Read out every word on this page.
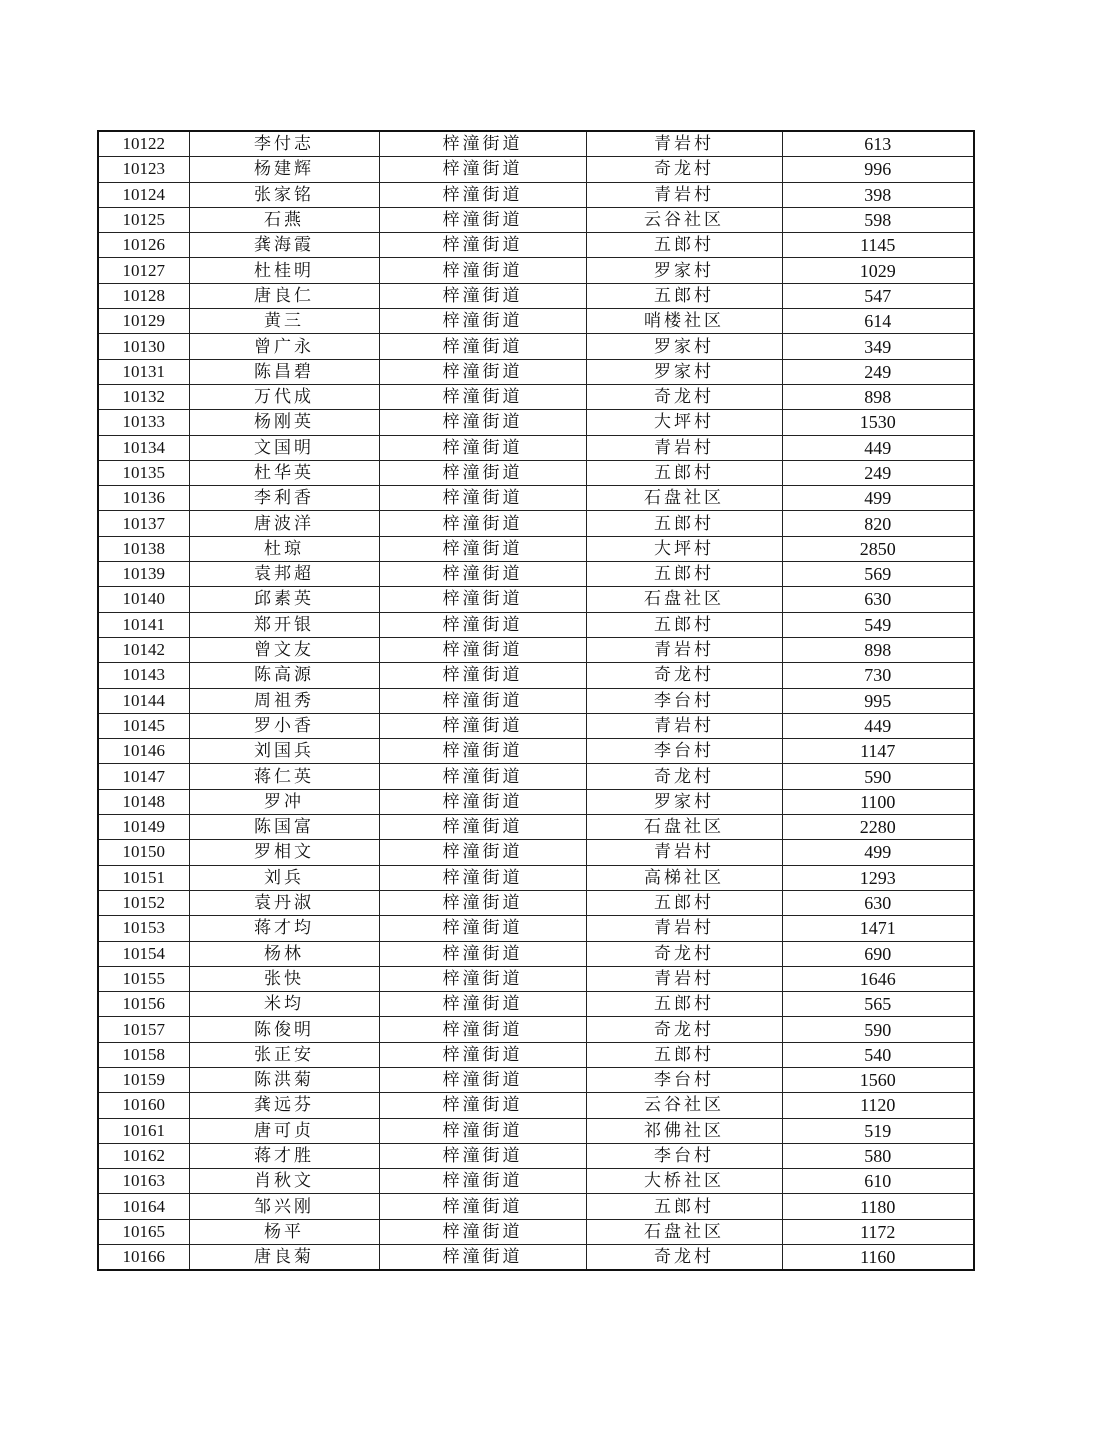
10122	李付志	梓潼街道	青岩村	613
10123	杨建辉	梓潼街道	奇龙村	996
10124	张家铭	梓潼街道	青岩村	398
10125	石燕	梓潼街道	云谷社区	598
10126	龚海霞	梓潼街道	五郎村	1145
10127	杜桂明	梓潼街道	罗家村	1029
10128	唐良仁	梓潼街道	五郎村	547
10129	黄三	梓潼街道	哨楼社区	614
10130	曾广永	梓潼街道	罗家村	349
10131	陈昌碧	梓潼街道	罗家村	249
10132	万代成	梓潼街道	奇龙村	898
10133	杨刚英	梓潼街道	大坪村	1530
10134	文国明	梓潼街道	青岩村	449
10135	杜华英	梓潼街道	五郎村	249
10136	李利香	梓潼街道	石盘社区	499
10137	唐波洋	梓潼街道	五郎村	820
10138	杜琼	梓潼街道	大坪村	2850
10139	袁邦超	梓潼街道	五郎村	569
10140	邱素英	梓潼街道	石盘社区	630
10141	郑开银	梓潼街道	五郎村	549
10142	曾文友	梓潼街道	青岩村	898
10143	陈高源	梓潼街道	奇龙村	730
10144	周祖秀	梓潼街道	李台村	995
10145	罗小香	梓潼街道	青岩村	449
10146	刘国兵	梓潼街道	李台村	1147
10147	蒋仁英	梓潼街道	奇龙村	590
10148	罗冲	梓潼街道	罗家村	1100
10149	陈国富	梓潼街道	石盘社区	2280
10150	罗相文	梓潼街道	青岩村	499
10151	刘兵	梓潼街道	高梯社区	1293
10152	袁丹淑	梓潼街道	五郎村	630
10153	蒋才均	梓潼街道	青岩村	1471
10154	杨林	梓潼街道	奇龙村	690
10155	张快	梓潼街道	青岩村	1646
10156	米均	梓潼街道	五郎村	565
10157	陈俊明	梓潼街道	奇龙村	590
10158	张正安	梓潼街道	五郎村	540
10159	陈洪菊	梓潼街道	李台村	1560
10160	龚远芬	梓潼街道	云谷社区	1120
10161	唐可贞	梓潼街道	祁佛社区	519
10162	蒋才胜	梓潼街道	李台村	580
10163	肖秋文	梓潼街道	大桥社区	610
10164	邹兴刚	梓潼街道	五郎村	1180
10165	杨平	梓潼街道	石盘社区	1172
10166	唐良菊	梓潼街道	奇龙村	1160
